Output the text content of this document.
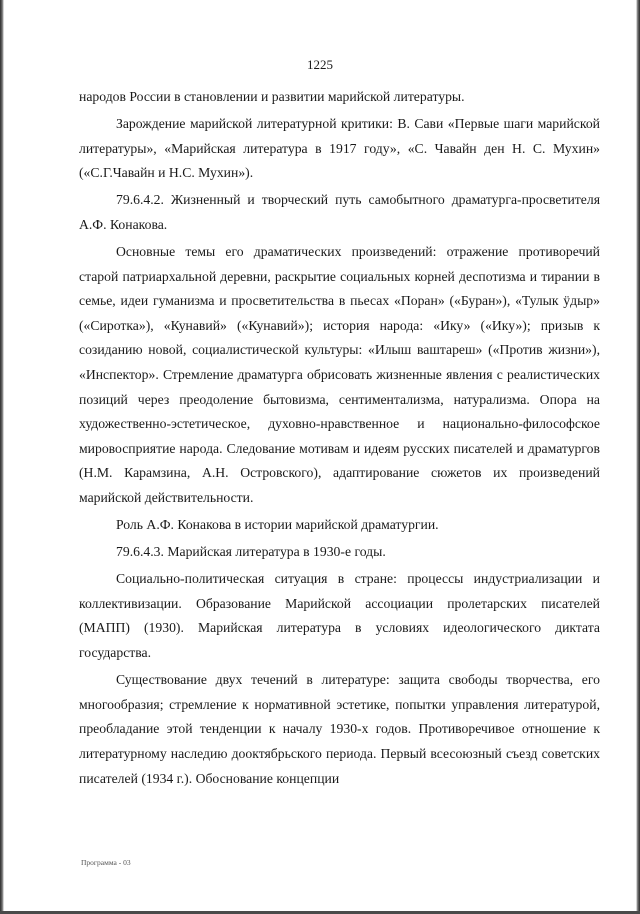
1225

народов России в становлении и развитии марийской литературы.

Зарождение марийской литературной критики: В. Сави «Первые шаги марийской литературы», «Марийская литература в 1917 году», «С. Чавайн ден Н. С. Мухин» («С.Г.Чавайн и Н.С. Мухин»).

79.6.4.2. Жизненный и творческий путь самобытного драматурга-просветителя А.Ф. Конакова.

Основные темы его драматических произведений: отражение противоречий старой патриархальной деревни, раскрытие социальных корней деспотизма и тирании в семье, идеи гуманизма и просветительства в пьесах «Поран» («Буран»), «Тулык ӱдыр» («Сиротка»), «Кунавий» («Кунавий»); история народа: «Ику» («Ику»); призыв к созиданию новой, социалистической культуры: «Илыш ваштареш» («Против жизни»), «Инспектор». Стремление драматурга обрисовать жизненные явления с реалистических позиций через преодоление бытовизма, сентиментализма, натурализма. Опора на художественно-эстетическое, духовно-нравственное и национально-философское мировосприятие народа. Следование мотивам и идеям русских писателей и драматургов (Н.М. Карамзина, А.Н. Островского), адаптирование сюжетов их произведений марийской действительности.

Роль А.Ф. Конакова в истории марийской драматургии.

79.6.4.3. Марийская литература в 1930-е годы.

Социально-политическая ситуация в стране: процессы индустриализации и коллективизации. Образование Марийской ассоциации пролетарских писателей (МАПП) (1930). Марийская литература в условиях идеологического диктата государства.

Существование двух течений в литературе: защита свободы творчества, его многообразия; стремление к нормативной эстетике, попытки управления литературой, преобладание этой тенденции к началу 1930-х годов. Противоречивое отношение к литературному наследию дооктябрьского периода. Первый всесоюзный съезд советских писателей (1934 г.). Обоснование концепции

Программа - 03
